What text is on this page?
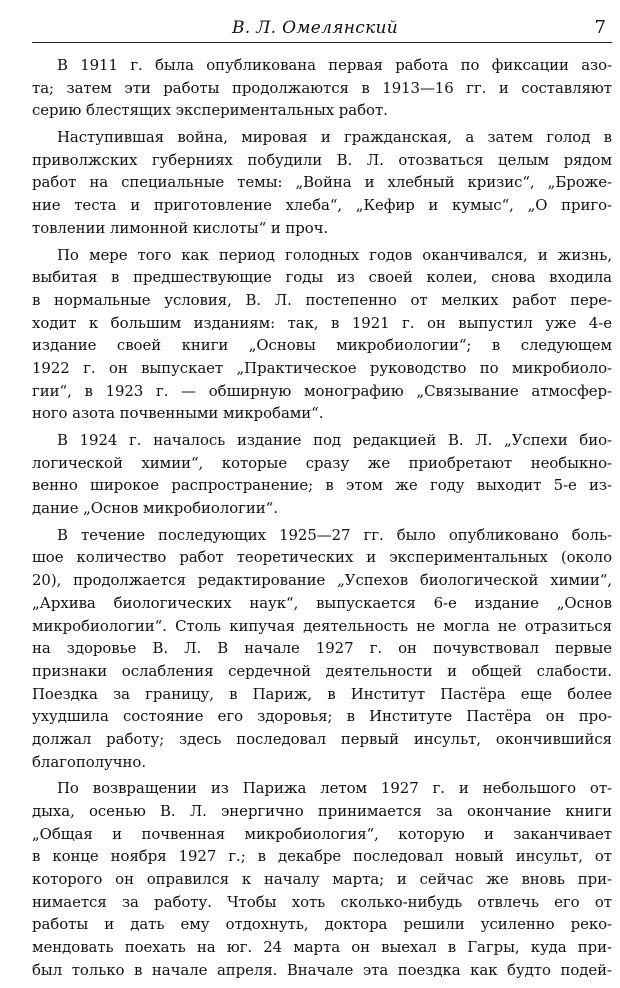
В. Л. Омелянский	7
В 1911 г. была опубликована первая работа по фиксации азо-
та; затем эти работы продолжаются в 1913—16 гг. и составляют
серию блестящих экспериментальных работ.
Наступившая война, мировая и гражданская, а затем голод в
приволжских губерниях побудили В. Л. отозваться целым рядом
работ на специальные темы: „Война и хлебный кризис“, „Броже-
ние теста и приготовление хлеба“, „Кефир и кумыс“, „О приго-
товлении лимонной кислоты“ и проч.
По мере того как период голодных годов оканчивался, и жизнь,
выбитая в предшествующие годы из своей колеи, снова входила
в нормальные условия, В. Л. постепенно от мелких работ пере-
ходит к большим изданиям: так, в 1921 г. он выпустил уже 4-е
издание своей книги „Основы микробиологии“; в следующем
1922 г. он выпускает „Практическое руководство по микробиоло-
гии“, в 1923 г. — обширную монографию „Связывание атмосфер-
ного азота почвенными микробами“.
В 1924 г. началось издание под редакцией В. Л. „Успехи био-
логической химии“, которые сразу же приобретают необыкно-
венно широкое распространение; в этом же году выходит 5-е из-
дание „Основ микробиологии“.
В течение последующих 1925—27 гг. было опубликовано боль-
шое количество работ теоретических и экспериментальных (около
20), продолжается редактирование „Успехов биологической химии“,
„Архива биологических наук“, выпускается 6-е издание „Основ
микробиологии“. Столь кипучая деятельность не могла не отразиться
на здоровье В. Л. В начале 1927 г. он почувствовал первые
признаки ослабления сердечной деятельности и общей слабости.
Поездка за границу, в Париж, в Институт Пастёра еще более
ухудшила состояние его здоровья; в Институте Пастёра он про-
должал работу; здесь последовал первый инсульт, окончившийся
благополучно.
По возвращении из Парижа летом 1927 г. и небольшого от-
дыха, осенью В. Л. энергично принимается за окончание книги
„Общая и почвенная микробиология“, которую и заканчивает
в конце ноября 1927 г.; в декабре последовал новый инсульт, от
которого он оправился к началу марта; и сейчас же вновь при-
нимается за работу. Чтобы хоть сколько-нибудь отвлечь его от
работы и дать ему отдохнуть, доктора решили усиленно реко-
мендовать поехать на юг. 24 марта он выехал в Гагры, куда при-
был только в начале апреля. Вначале эта поездка как будто подей-
